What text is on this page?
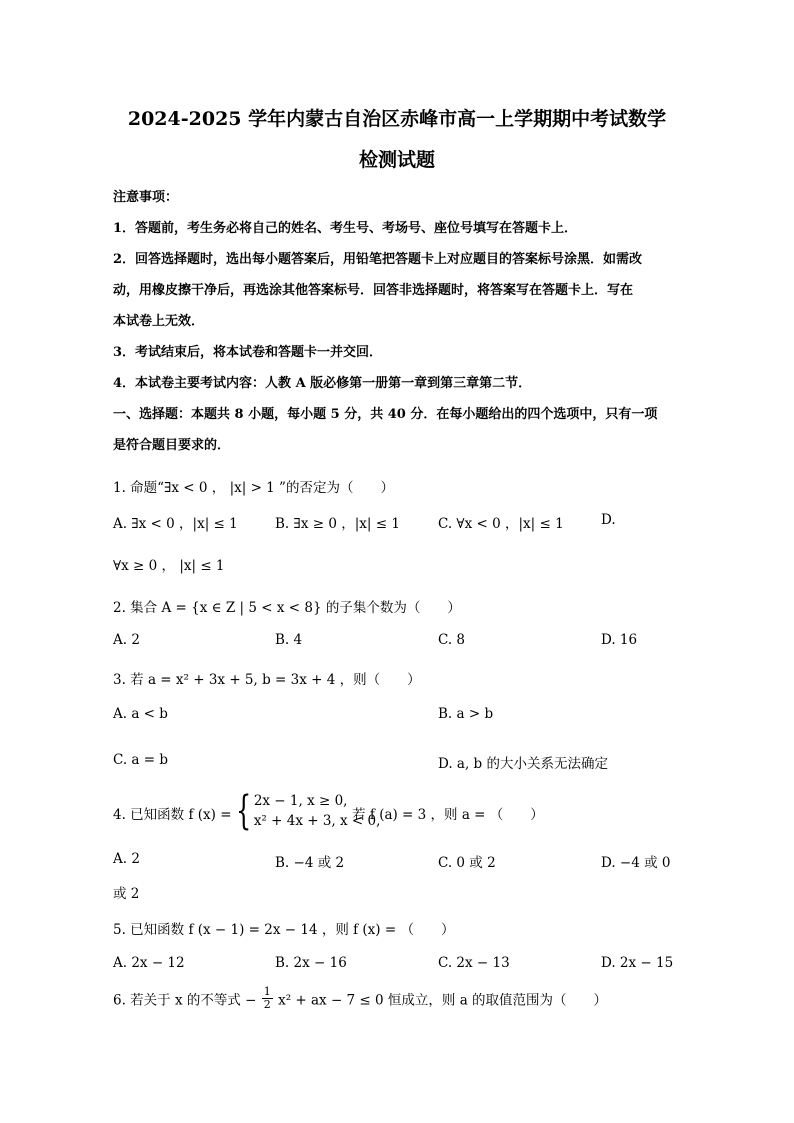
2024-2025 学年内蒙古自治区赤峰市高一上学期期中考试数学
检测试题
注意事项：
1．答题前，考生务必将自己的姓名、考生号、考场号、座位号填写在答题卡上．
2．回答选择题时，选出每小题答案后，用铅笔把答题卡上对应题目的答案标号涂黑．如需改
动，用橡皮擦干净后，再选涂其他答案标号．回答非选择题时，将答案写在答题卡上．写在
本试卷上无效．
3．考试结束后，将本试卷和答题卡一并交回．
4．本试卷主要考试内容：人教 A 版必修第一册第一章到第三章第二节．
一、选择题：本题共 8 小题，每小题 5 分，共 40 分．在每小题给出的四个选项中，只有一项
是符合题目要求的．
1. 命题“∃x < 0 ， |x| > 1 ”的否定为（　　）
A. ∃x < 0 ，|x| ≤ 1	B. ∃x ≥ 0 ，|x| ≤ 1	C. ∀x < 0 ，|x| ≤ 1	D.
∀x ≥ 0 ， |x| ≤ 1
2. 集合 A = {x ∈ Z | 5 < x < 8} 的子集个数为（　　）
A. 2	B. 4	C. 8	D. 16
3. 若 a = x² + 3x + 5, b = 3x + 4 ，则（　　）
A. a < b	B. a > b
C. a = b	D. a, b 的大小关系无法确定
4. 已知函数 f (x) = { 2x − 1, x ≥ 0,
x² + 4x + 3, x < 0,
若 f (a) = 3 ，则 a = （　　）
A. 2	B. −4 或 2	C. 0 或 2	D. −4 或 0
或 2
5. 已知函数 f (x − 1) = 2x − 14 ，则 f (x) = （　　）
A. 2x − 12	B. 2x − 16	C. 2x − 13	D. 2x − 15
6. 若关于 x 的不等式 − $\frac{1}{2} x^2$ + ax − 7 ≤ 0 恒成立，则 a 的取值范围为（　　）
